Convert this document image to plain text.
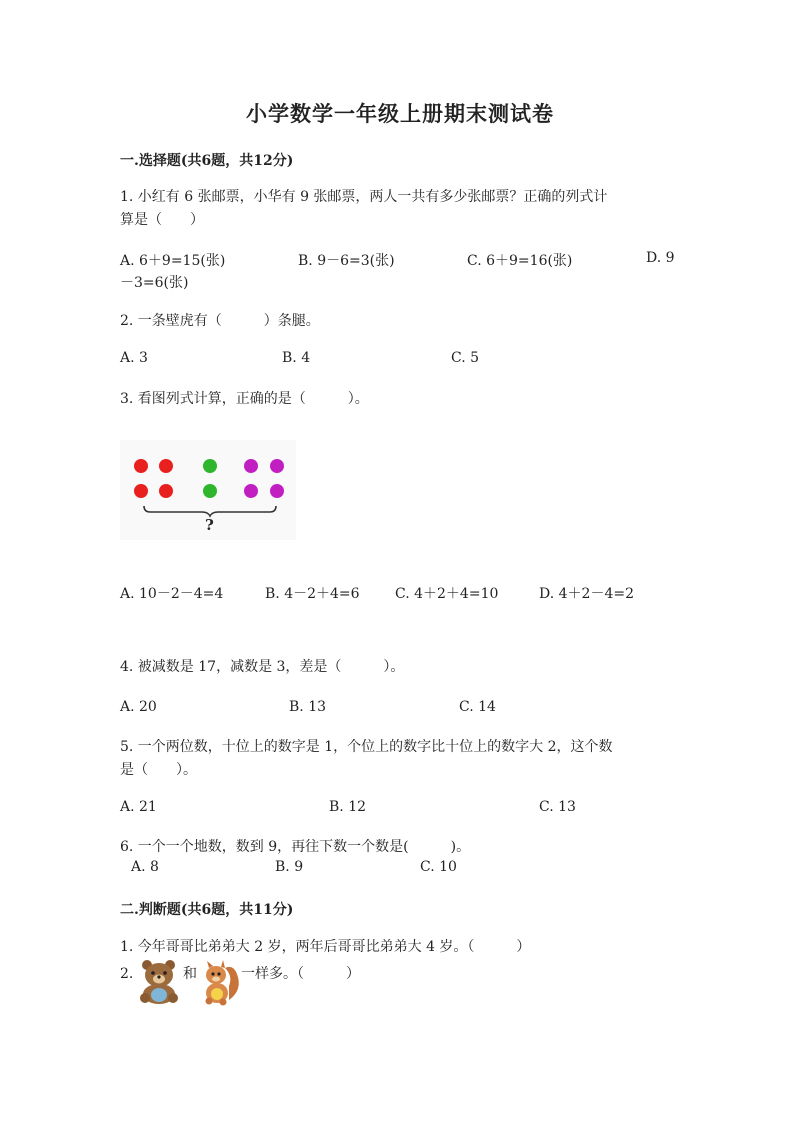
小学数学一年级上册期末测试卷
一.选择题(共6题，共12分)
1. 小红有 6 张邮票，小华有 9 张邮票，两人一共有多少张邮票？正确的列式计
算是（　　）
A. 6＋9=15(张)	B. 9－6=3(张)	C. 6＋9=16(张)	D. 9
－3=6(张)
2. 一条壁虎有（　　　）条腿。
A. 3	B. 4	C. 5
3. 看图列式计算，正确的是（　　　）。
?
A. 10－2－4=4	B. 4－2＋4=6	C. 4＋2＋4=10	D. 4＋2－4=2
4. 被减数是 17，减数是 3，差是（　　　）。
A. 20	B. 13	C. 14
5. 一个两位数，十位上的数字是 1，个位上的数字比十位上的数字大 2，这个数
是（　　）。
A. 21	B. 12	C. 13
6. 一个一个地数，数到 9，再往下数一个数是(　　　)。
A. 8	B. 9	C. 10
二.判断题(共6题，共11分)
1. 今年哥哥比弟弟大 2 岁，两年后哥哥比弟弟大 4 岁。（　　　）
2.	和	一样多。（　　　）
